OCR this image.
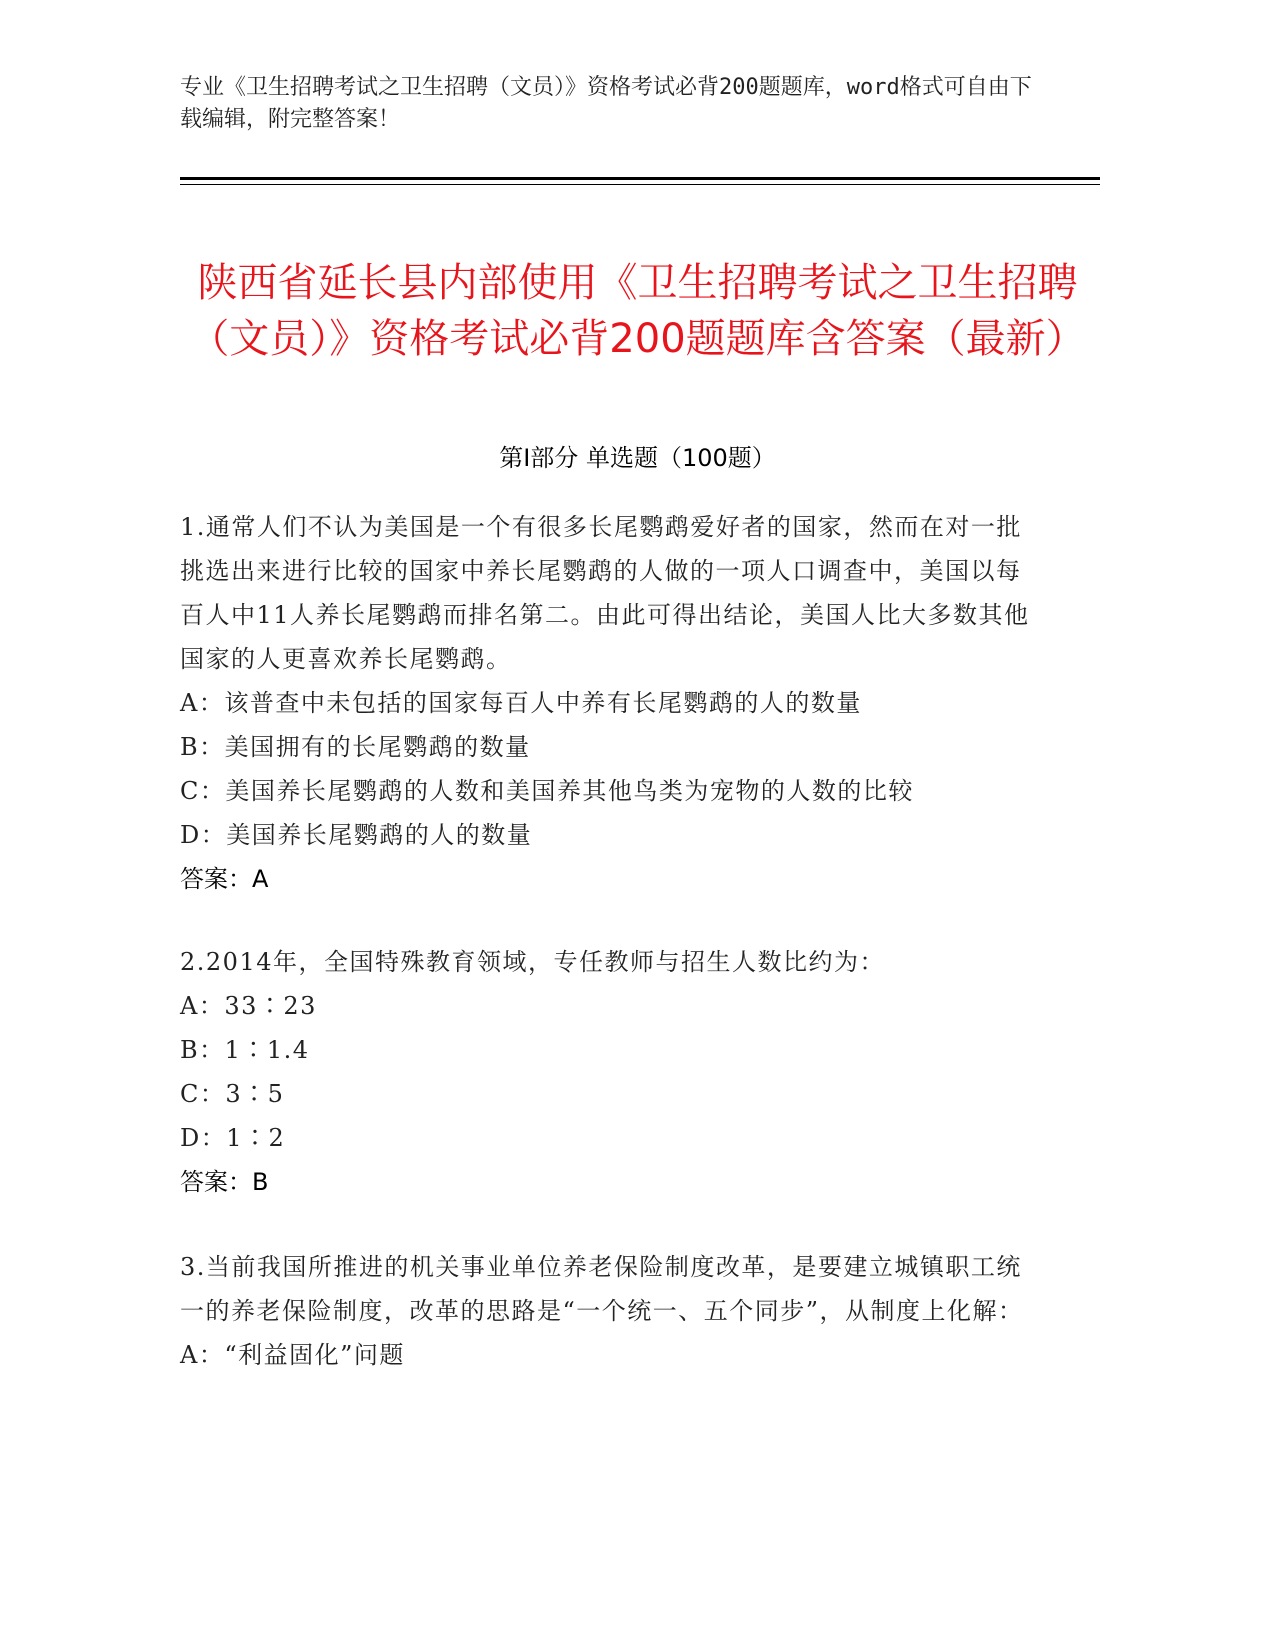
专业《卫生招聘考试之卫生招聘（文员）》资格考试必背200题题库，word格式可自由下载编辑，附完整答案！
陕西省延长县内部使用《卫生招聘考试之卫生招聘（文员）》资格考试必背200题题库含答案（最新）
第Ⅰ部分 单选题（100题）
1.通常人们不认为美国是一个有很多长尾鹦鹉爱好者的国家，然而在对一批挑选出来进行比较的国家中养长尾鹦鹉的人做的一项人口调查中，美国以每百人中11人养长尾鹦鹉而排名第二。由此可得出结论，美国人比大多数其他国家的人更喜欢养长尾鹦鹉。
A：该普查中未包括的国家每百人中养有长尾鹦鹉的人的数量
B：美国拥有的长尾鹦鹉的数量
C：美国养长尾鹦鹉的人数和美国养其他鸟类为宠物的人数的比较
D：美国养长尾鹦鹉的人的数量
答案：A
2.2014年，全国特殊教育领域，专任教师与招生人数比约为：
A：33∶23
B：1∶1.4
C：3∶5
D：1∶2
答案：B
3.当前我国所推进的机关事业单位养老保险制度改革，是要建立城镇职工统一的养老保险制度，改革的思路是“一个统一、五个同步”，从制度上化解：
A：“利益固化”问题
